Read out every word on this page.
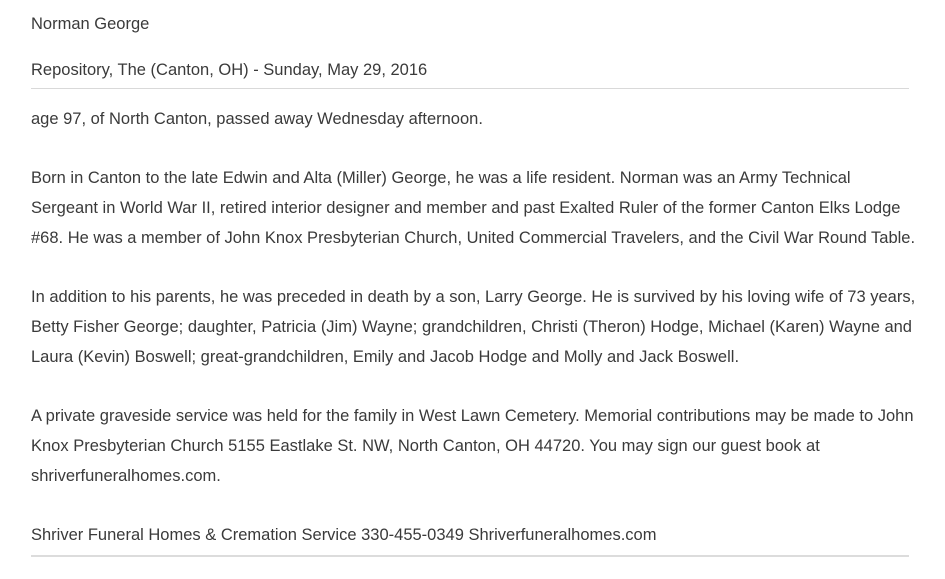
Norman George
Repository, The (Canton, OH) - Sunday, May 29, 2016

age 97, of North Canton, passed away Wednesday afternoon.

Born in Canton to the late Edwin and Alta (Miller) George, he was a life resident. Norman was an Army Technical
Sergeant in World War II, retired interior designer and member and past Exalted Ruler of the former Canton Elks Lodge
#68. He was a member of John Knox Presbyterian Church, United Commercial Travelers, and the Civil War Round Table.

In addition to his parents, he was preceded in death by a son, Larry George. He is survived by his loving wife of 73 years,
Betty Fisher George; daughter, Patricia (Jim) Wayne; grandchildren, Christi (Theron) Hodge, Michael (Karen) Wayne and
Laura (Kevin) Boswell; great-grandchildren, Emily and Jacob Hodge and Molly and Jack Boswell.

A private graveside service was held for the family in West Lawn Cemetery. Memorial contributions may be made to John
Knox Presbyterian Church 5155 Eastlake St. NW, North Canton, OH 44720. You may sign our guest book at
shriverfuneralhomes.com.

Shriver Funeral Homes & Cremation Service 330-455-0349 Shriverfuneralhomes.com
